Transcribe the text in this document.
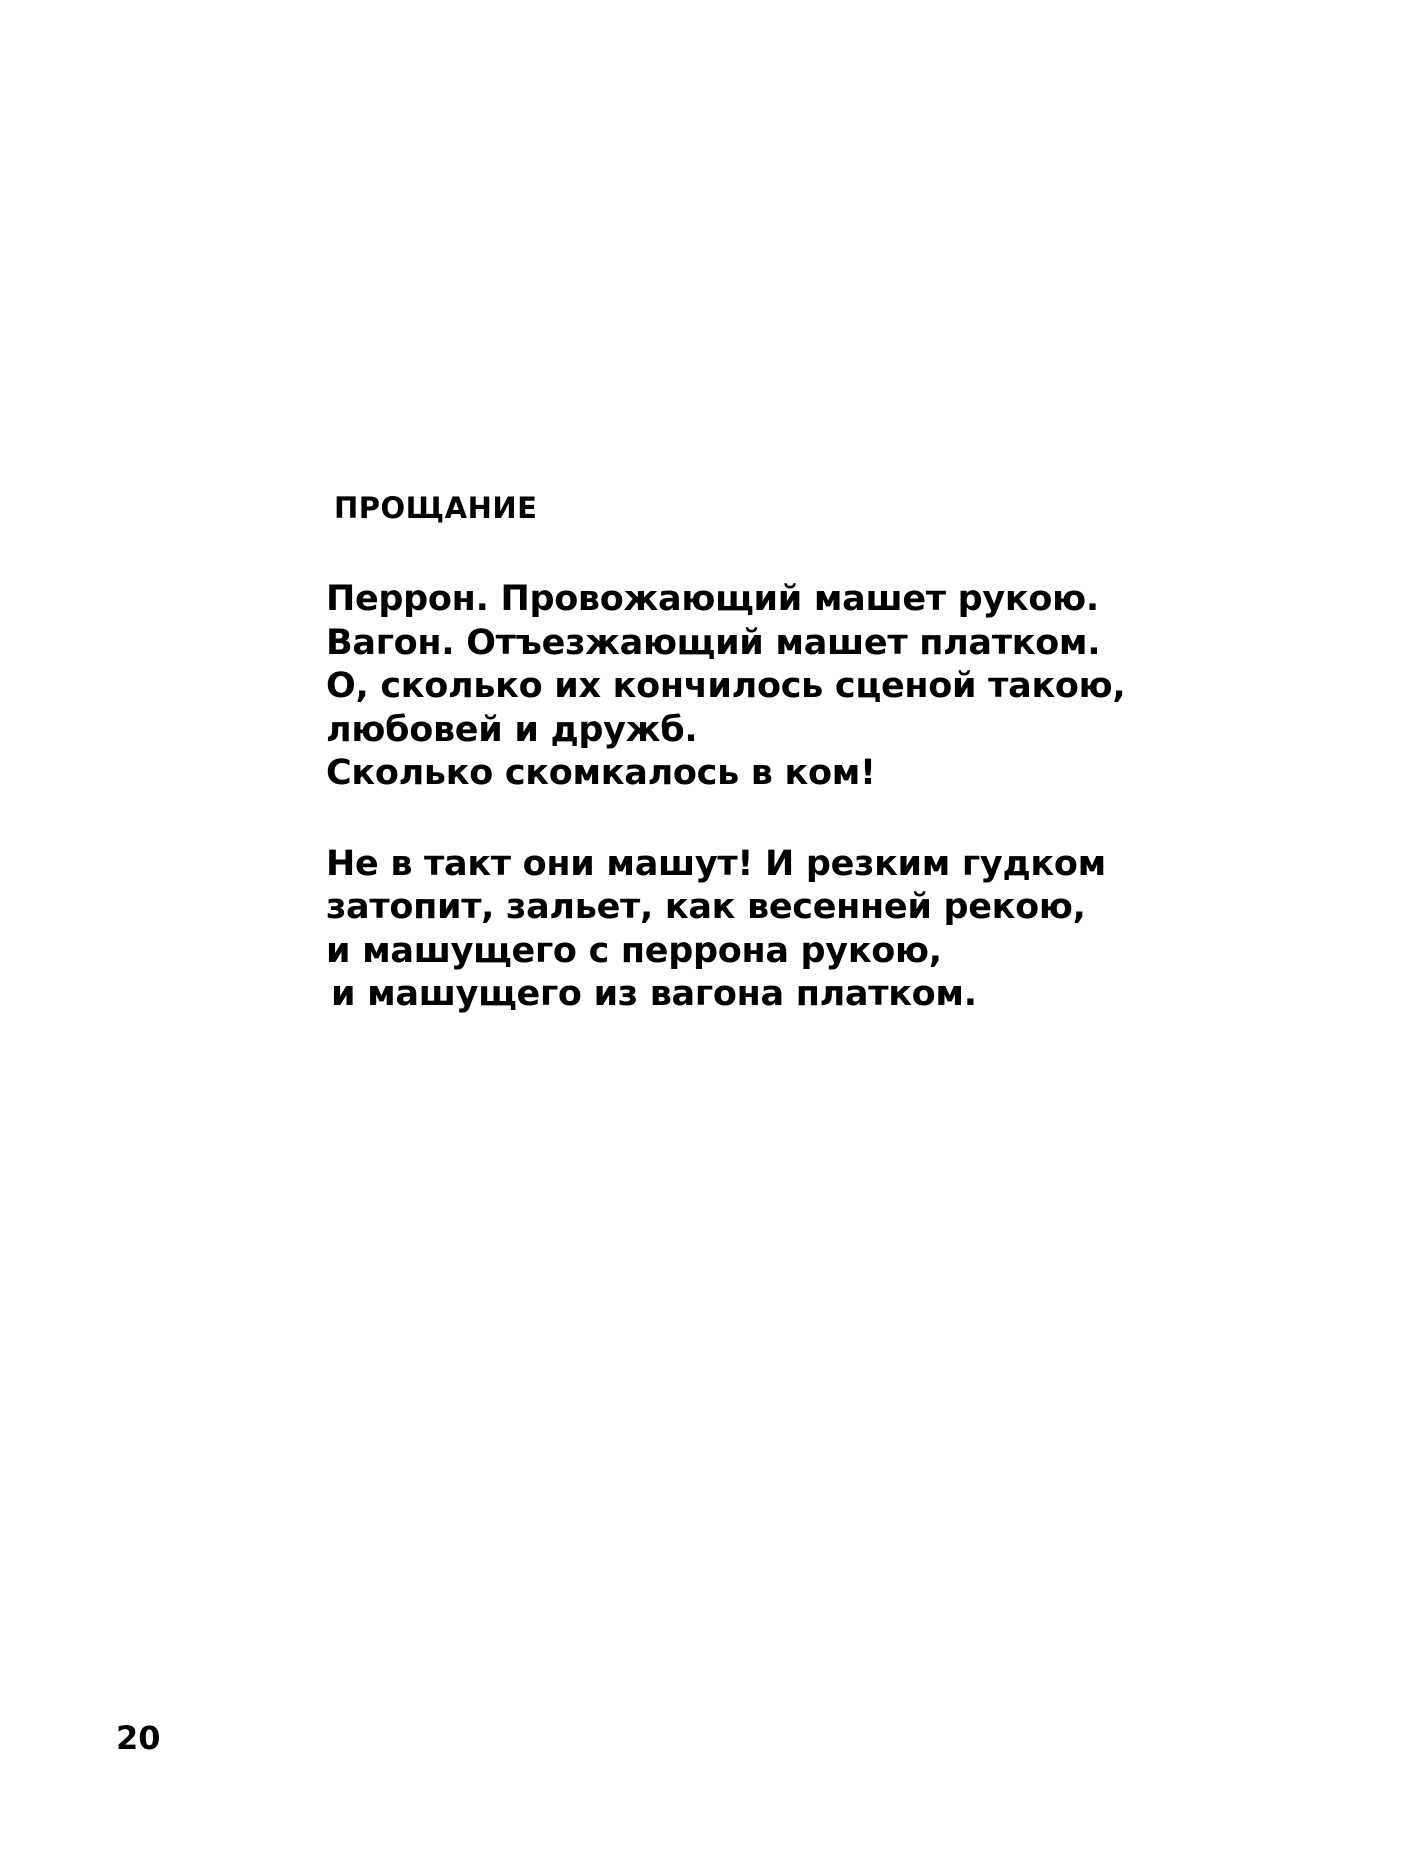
ПРОЩАНИЕ
Перрон. Провожающий машет рукою.
Вагон. Отъезжающий машет платком.
О, сколько их кончилось сценой такою,
любовей и дружб.
Сколько скомкалось в ком!
Не в такт они машут! И резким гудком
затопит, зальет, как весенней рекою,
и машущего с перрона рукою,
и машущего из вагона платком.
20
